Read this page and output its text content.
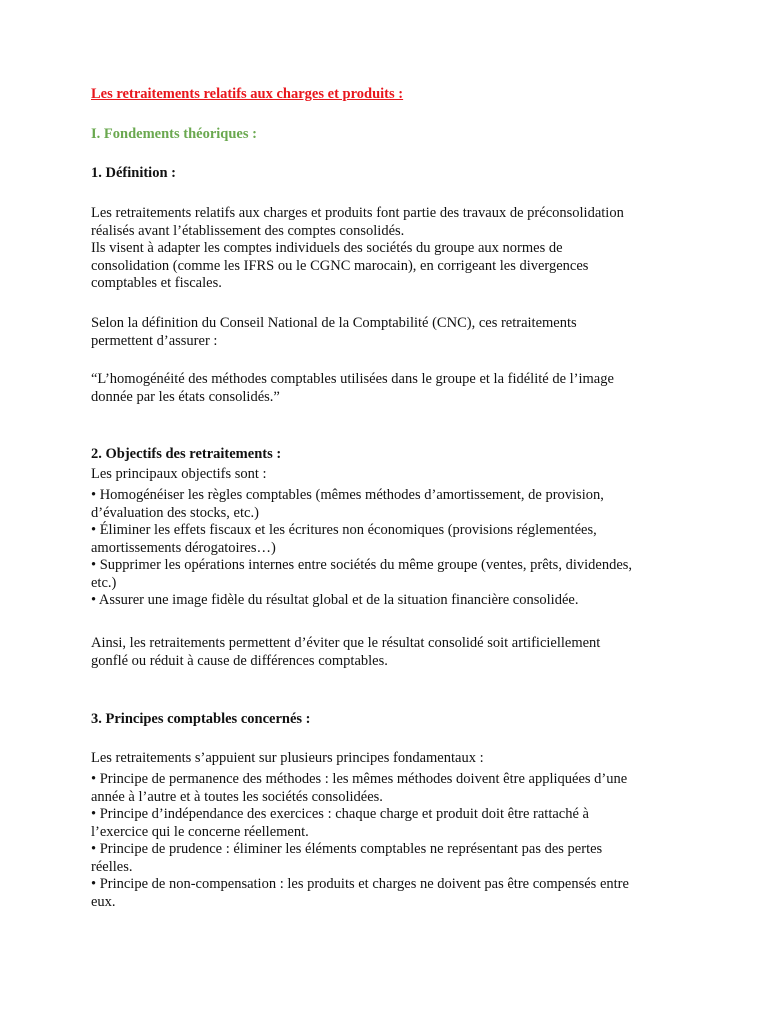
Les retraitements relatifs aux charges et produits :

I. Fondements théoriques :

1. Définition :

Les retraitements relatifs aux charges et produits font partie des travaux de préconsolidation
réalisés avant l’établissement des comptes consolidés.
Ils visent à adapter les comptes individuels des sociétés du groupe aux normes de
consolidation (comme les IFRS ou le CGNC marocain), en corrigeant les divergences
comptables et fiscales.

Selon la définition du Conseil National de la Comptabilité (CNC), ces retraitements
permettent d’assurer :

“L’homogénéité des méthodes comptables utilisées dans le groupe et la fidélité de l’image
donnée par les états consolidés.”

2. Objectifs des retraitements :

Les principaux objectifs sont :

• Homogénéiser les règles comptables (mêmes méthodes d’amortissement, de provision,
d’évaluation des stocks, etc.)
• Éliminer les effets fiscaux et les écritures non économiques (provisions réglementées,
amortissements dérogatoires…)
• Supprimer les opérations internes entre sociétés du même groupe (ventes, prêts, dividendes,
etc.)
• Assurer une image fidèle du résultat global et de la situation financière consolidée.

Ainsi, les retraitements permettent d’éviter que le résultat consolidé soit artificiellement
gonflé ou réduit à cause de différences comptables.

3. Principes comptables concernés :

Les retraitements s’appuient sur plusieurs principes fondamentaux :

• Principe de permanence des méthodes : les mêmes méthodes doivent être appliquées d’une
année à l’autre et à toutes les sociétés consolidées.
• Principe d’indépendance des exercices : chaque charge et produit doit être rattaché à
l’exercice qui le concerne réellement.
• Principe de prudence : éliminer les éléments comptables ne représentant pas des pertes
réelles.
• Principe de non-compensation : les produits et charges ne doivent pas être compensés entre
eux.
